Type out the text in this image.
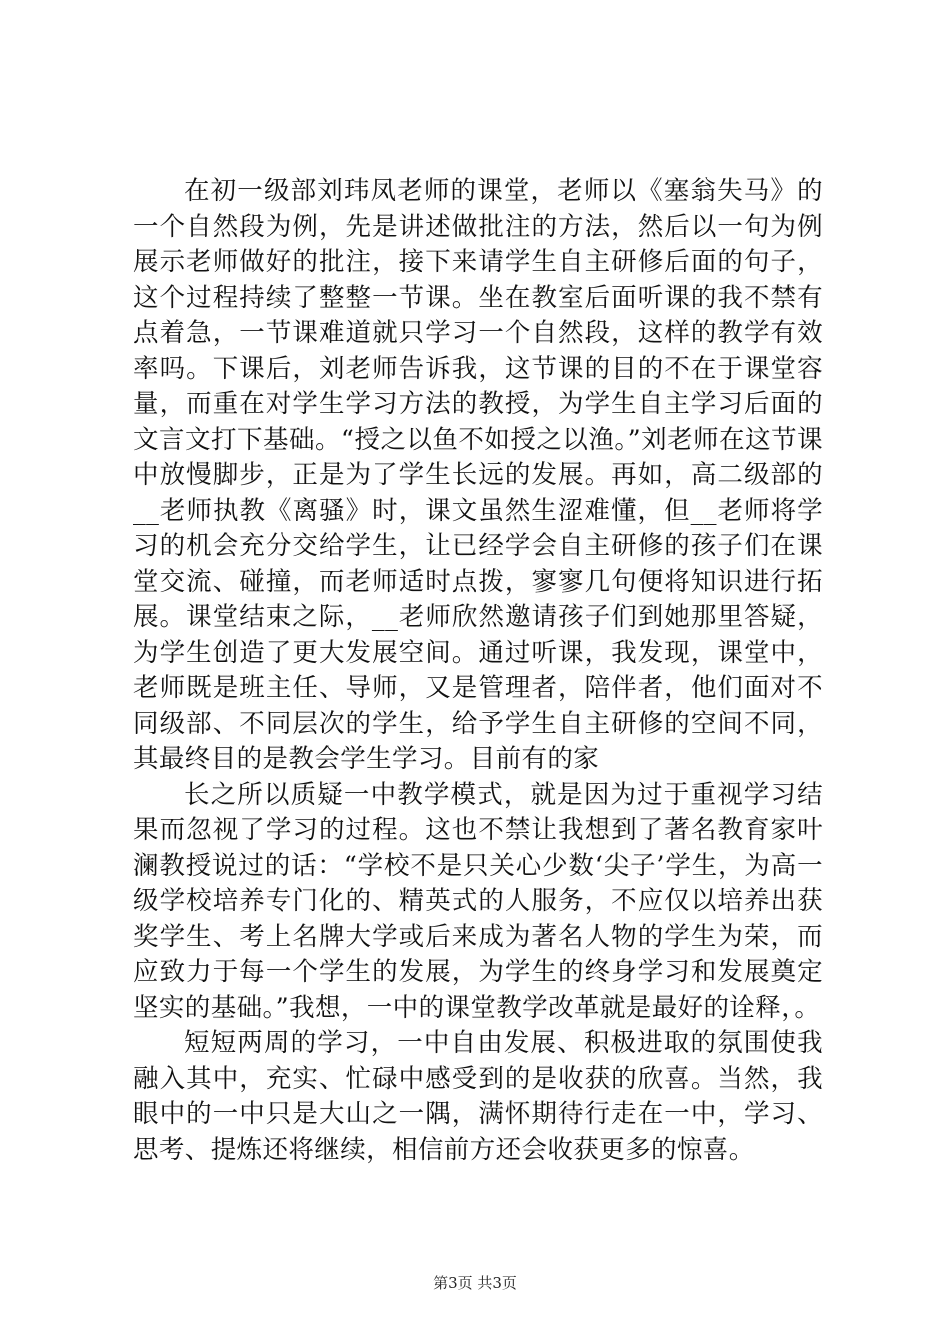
在初一级部刘玮凤老师的课堂，老师以《塞翁失马》的一个自然段为例，先是讲述做批注的方法，然后以一句为例展示老师做好的批注，接下来请学生自主研修后面的句子，这个过程持续了整整一节课。坐在教室后面听课的我不禁有点着急，一节课难道就只学习一个自然段，这样的教学有效率吗。下课后，刘老师告诉我，这节课的目的不在于课堂容量，而重在对学生学习方法的教授，为学生自主学习后面的文言文打下基础。“授之以鱼不如授之以渔。”刘老师在这节课中放慢脚步，正是为了学生长远的发展。再如，高二级部的__老师执教《离骚》时，课文虽然生涩难懂，但__老师将学习的机会充分交给学生，让已经学会自主研修的孩子们在课堂交流、碰撞，而老师适时点拨，寥寥几句便将知识进行拓展。课堂结束之际，__老师欣然邀请孩子们到她那里答疑，为学生创造了更大发展空间。通过听课，我发现，课堂中，老师既是班主任、导师，又是管理者，陪伴者，他们面对不同级部、不同层次的学生，给予学生自主研修的空间不同，其最终目的是教会学生学习。目前有的家

长之所以质疑一中教学模式，就是因为过于重视学习结果而忽视了学习的过程。这也不禁让我想到了著名教育家叶澜教授说过的话：“学校不是只关心少数‘尖子’学生，为高一级学校培养专门化的、精英式的人服务，不应仅以培养出获奖学生、考上名牌大学或后来成为著名人物的学生为荣，而应致力于每一个学生的发展，为学生的终身学习和发展奠定坚实的基础。”我想，一中的课堂教学改革就是最好的诠释，。

短短两周的学习，一中自由发展、积极进取的氛围使我融入其中，充实、忙碌中感受到的是收获的欣喜。当然，我眼中的一中只是大山之一隅，满怀期待行走在一中，学习、思考、提炼还将继续，相信前方还会收获更多的惊喜。

第3页 共3页
